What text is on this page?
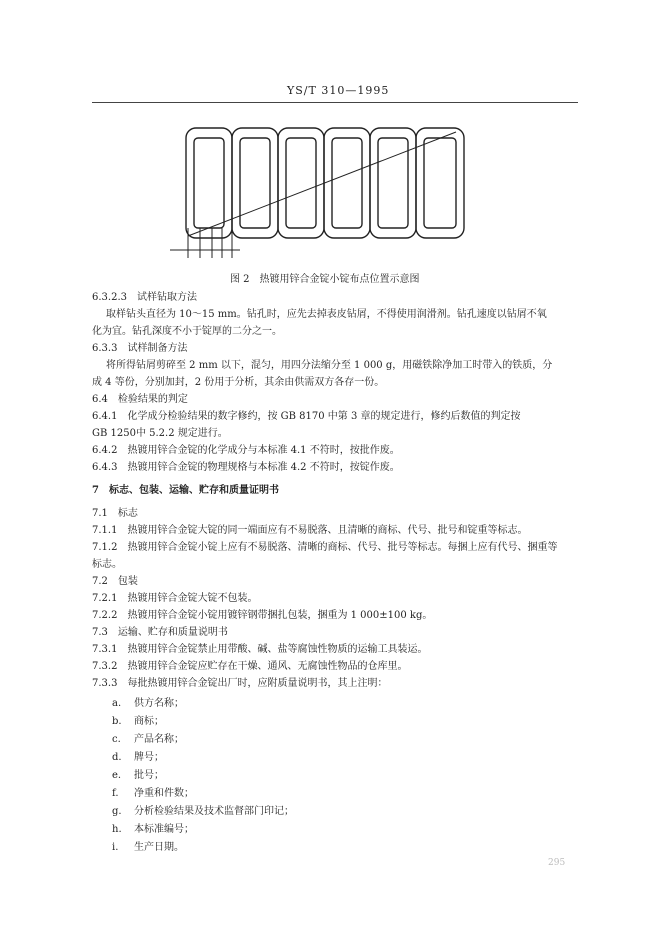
YS/T 310—1995
图 2　热镀用锌合金锭小锭布点位置示意图
6.3.2.3　 试样钻取方法
取样钻头直径为 10～15 mm。钻孔时，应先去掉表皮钻屑，不得使用润滑剂。钻孔速度以钻屑不氧
化为宜。钻孔深度不小于锭厚的二分之一。
6.3.3　 试样制备方法
将所得钻屑剪碎至 2 mm 以下，混匀，用四分法缩分至 1 000 g，用磁铁除净加工时带入的铁质，分
成 4 等份，分别加封，2 份用于分析，其余由供需双方各存一份。
6.4　 检验结果的判定
6.4.1　 化学成分检验结果的数字修约，按 GB 8170 中第 3 章的规定进行，修约后数值的判定按
GB 1250中 5.2.2 规定进行。
6.4.2　 热镀用锌合金锭的化学成分与本标准 4.1 不符时，按批作废。
6.4.3　 热镀用锌合金锭的物理规格与本标准 4.2 不符时，按锭作废。
7　 标志、包装、运输、贮存和质量证明书
7.1　 标志
7.1.1　 热镀用锌合金锭大锭的同一端面应有不易脱落、且清晰的商标、代号、批号和锭重等标志。
7.1.2　 热镀用锌合金锭小锭上应有不易脱落、清晰的商标、代号、批号等标志。每捆上应有代号、捆重等
标志。
7.2　 包装
7.2.1　 热镀用锌合金锭大锭不包装。
7.2.2　 热镀用锌合金锭小锭用镀锌钢带捆扎包装，捆重为 1 000±100 kg。
7.3　 运输、贮存和质量说明书
7.3.1　 热镀用锌合金锭禁止用带酸、碱、盐等腐蚀性物质的运输工具装运。
7.3.2　 热镀用锌合金锭应贮存在干燥、通风、无腐蚀性物品的仓库里。
7.3.3　 每批热镀用锌合金锭出厂时，应附质量说明书，其上注明：
a. 供方名称；
b. 商标；
c. 产品名称；
d. 牌号；
e. 批号；
f. 净重和件数；
g. 分析检验结果及技术监督部门印记；
h. 本标准编号；
i. 生产日期。
295
